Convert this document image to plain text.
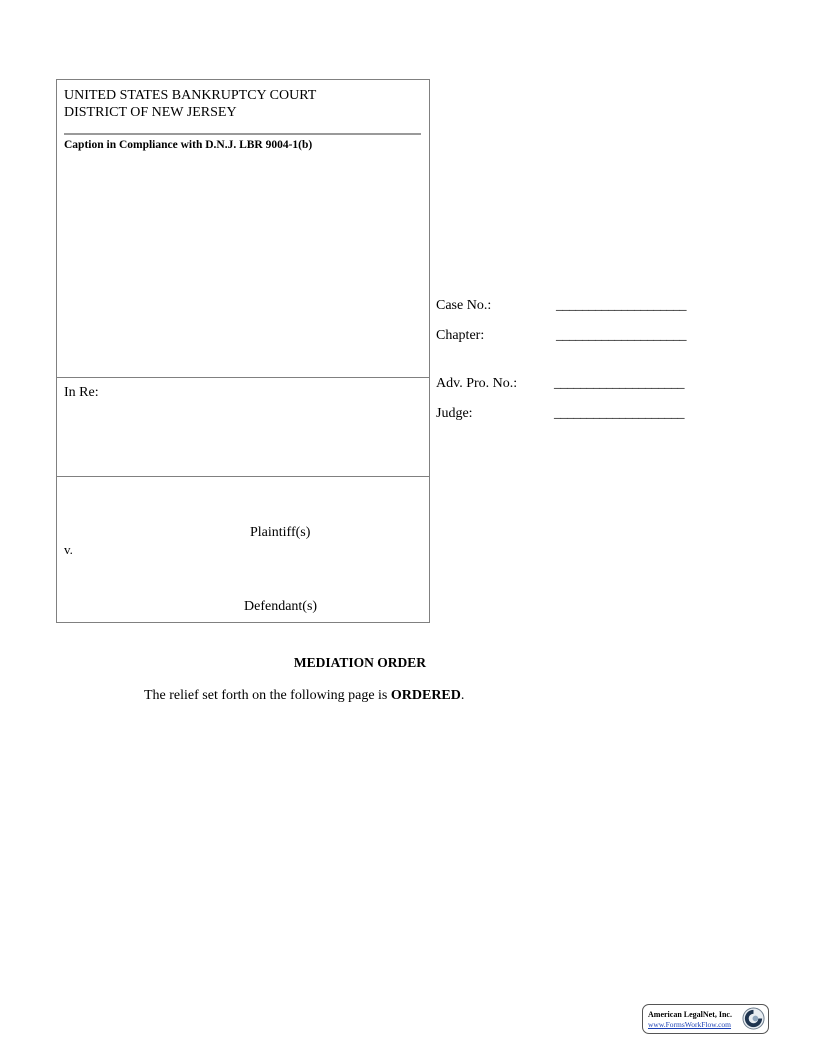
UNITED STATES BANKRUPTCY COURT
DISTRICT OF NEW JERSEY
Caption in Compliance with D.N.J. LBR 9004-1(b)
In Re:
Plaintiff(s)
v.
Defendant(s)
Case No.:	____________________
Chapter:	____________________
Adv. Pro. No.:	____________________
Judge:	____________________
MEDIATION ORDER
The relief set forth on the following page is ORDERED.
American LegalNet, Inc.
www.FormsWorkFlow.com
